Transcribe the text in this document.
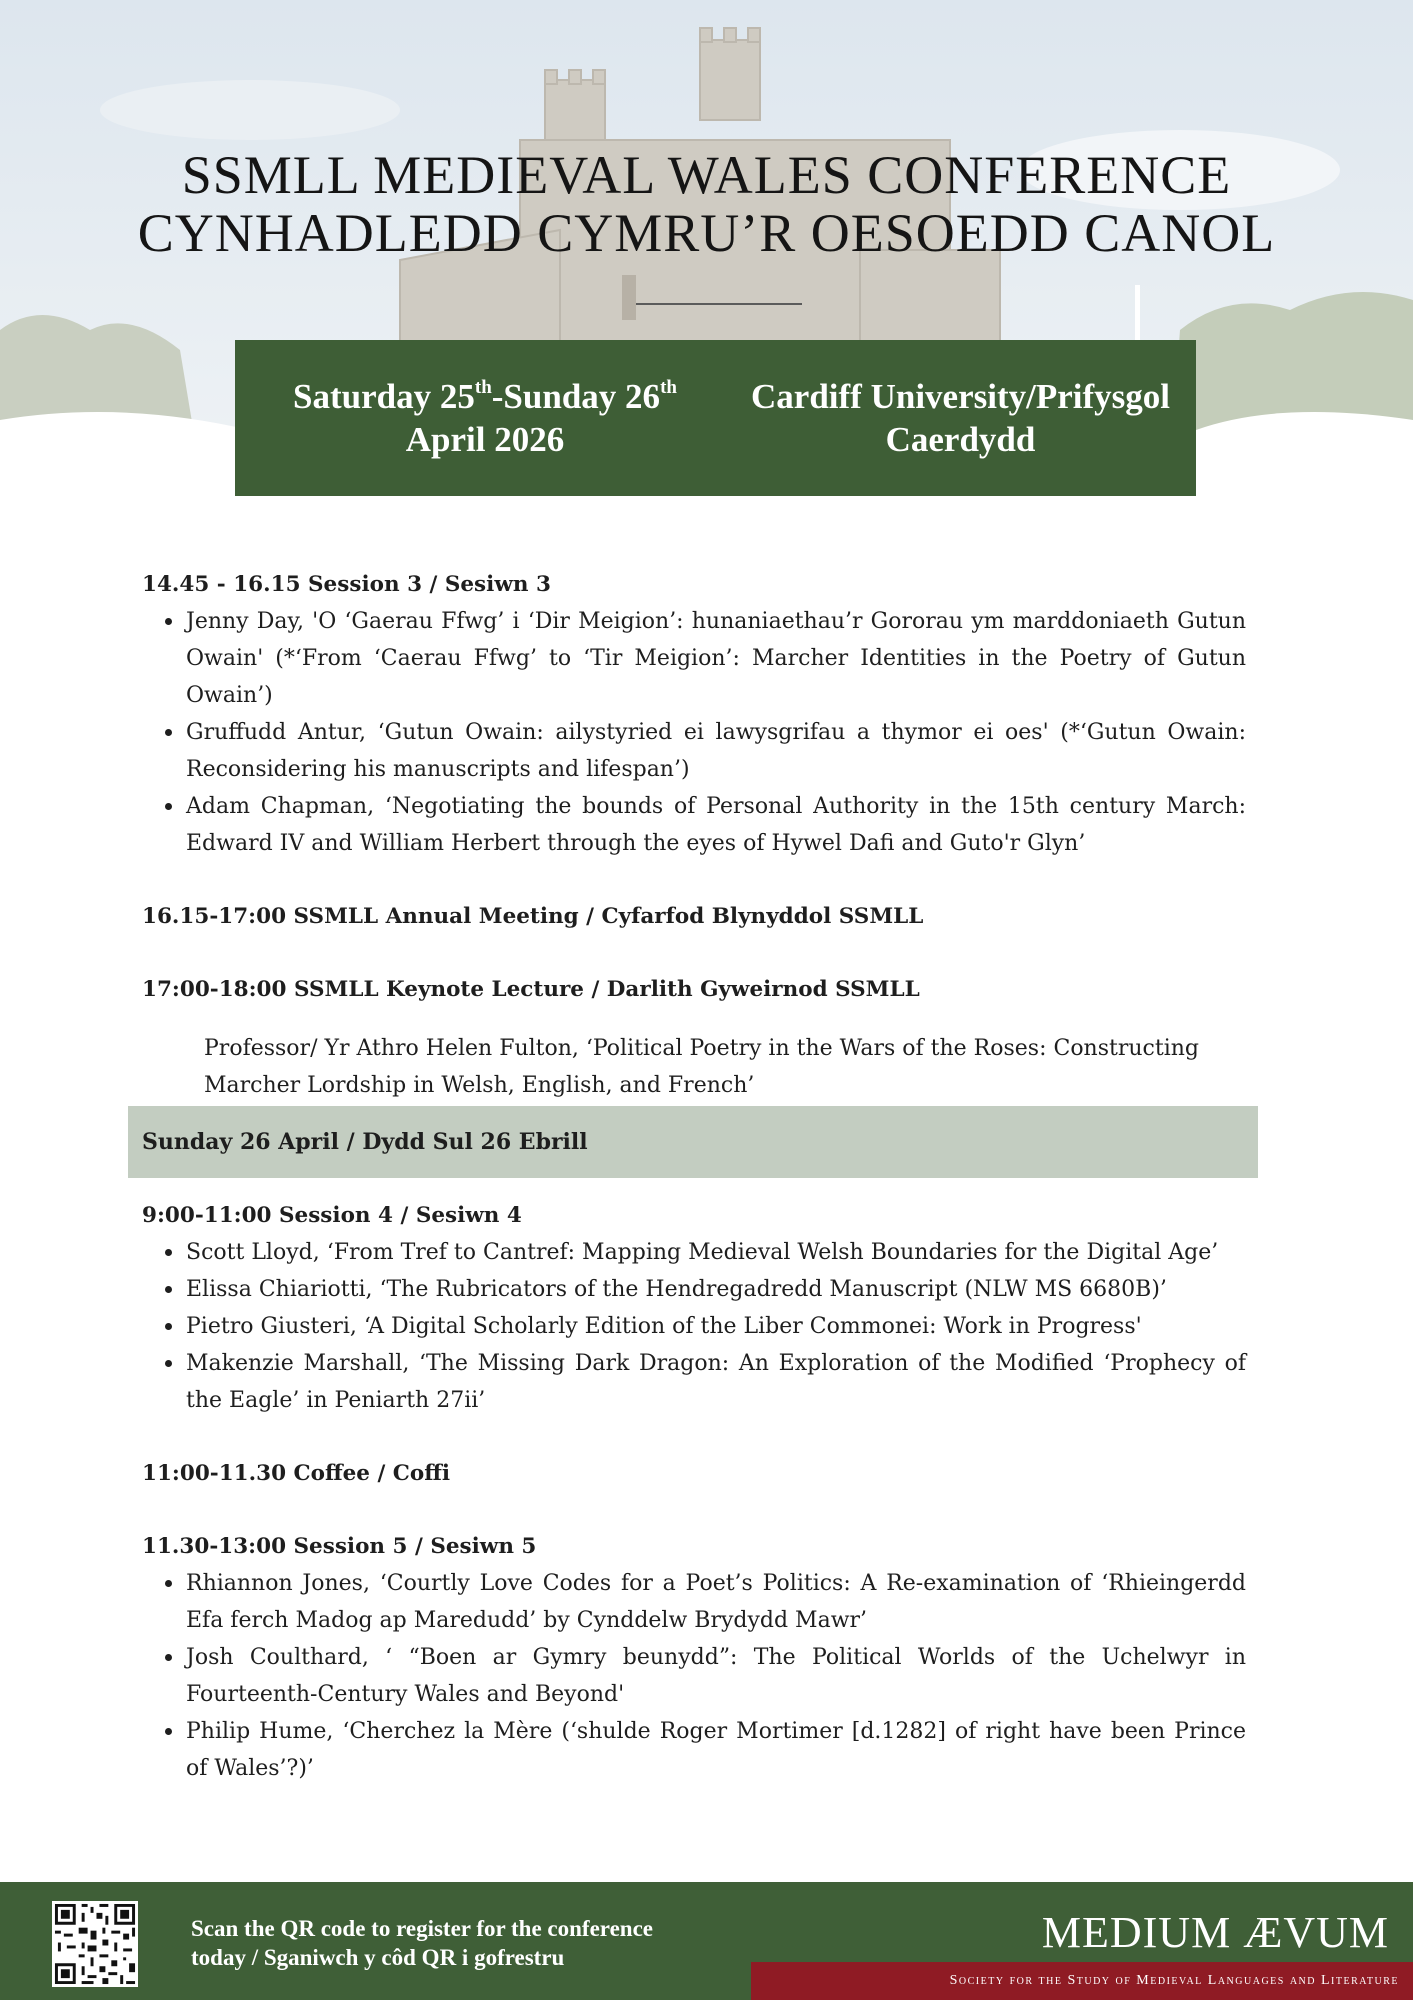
SSMLL MEDIEVAL WALES CONFERENCE
CYNHADLEDD CYMRU’R OESOEDD CANOL
Saturday 25th-Sunday 26th
April 2026
Cardiff University/Prifysgol
Caerdydd

14.45 - 16.15 Session 3 / Sesiwn 3

Jenny Day, 'O ‘Gaerau Ffwg’ i ‘Dir Meigion’: hunaniaethau’r Gororau ym marddoniaeth Gutun Owain' (*‘From ‘Caerau Ffwg’ to ‘Tir Meigion’: Marcher Identities in the Poetry of Gutun Owain’)
Gruffudd Antur, ‘Gutun Owain: ailystyried ei lawysgrifau a thymor ei oes' (*‘Gutun Owain: Reconsidering his manuscripts and lifespan’)
Adam Chapman, ‘Negotiating the bounds of Personal Authority in the 15th century March: Edward IV and William Herbert through the eyes of Hywel Dafi and Guto'r Glyn’

16.15-17:00 SSMLL Annual Meeting / Cyfarfod Blynyddol SSMLL

17:00-18:00 SSMLL Keynote Lecture / Darlith Gyweirnod SSMLL

Professor/ Yr Athro Helen Fulton, ‘Political Poetry in the Wars of the Roses: Constructing Marcher Lordship in Welsh, English, and French’

Sunday 26 April / Dydd Sul 26 Ebrill

9:00-11:00 Session 4 / Sesiwn 4

Scott Lloyd, ‘From Tref to Cantref: Mapping Medieval Welsh Boundaries for the Digital Age’
Elissa Chiariotti, ‘The Rubricators of the Hendregadredd Manuscript (NLW MS 6680B)’
Pietro Giusteri, ‘A Digital Scholarly Edition of the Liber Commonei: Work in Progress'
Makenzie Marshall, ‘The Missing Dark Dragon: An Exploration of the Modified ‘Prophecy of the Eagle’ in Peniarth 27ii’

11:00-11.30 Coffee / Coffi

11.30-13:00 Session 5 / Sesiwn 5

Rhiannon Jones, ‘Courtly Love Codes for a Poet’s Politics: A Re-examination of ‘Rhieingerdd Efa ferch Madog ap Maredudd’ by Cynddelw Brydydd Mawr’
Josh Coulthard, ‘ “Boen ar Gymry beunydd”: The Political Worlds of the Uchelwyr in Fourteenth-Century Wales and Beyond'
Philip Hume, ‘Cherchez la Mère (‘shulde Roger Mortimer [d.1282] of right have been Prince of Wales’?)’
Scan the QR code to register for the conference
today / Sganiwch y côd QR i gofrestru
MEDIUM ÆVUM
Society for the Study of Medieval Languages and Literature
